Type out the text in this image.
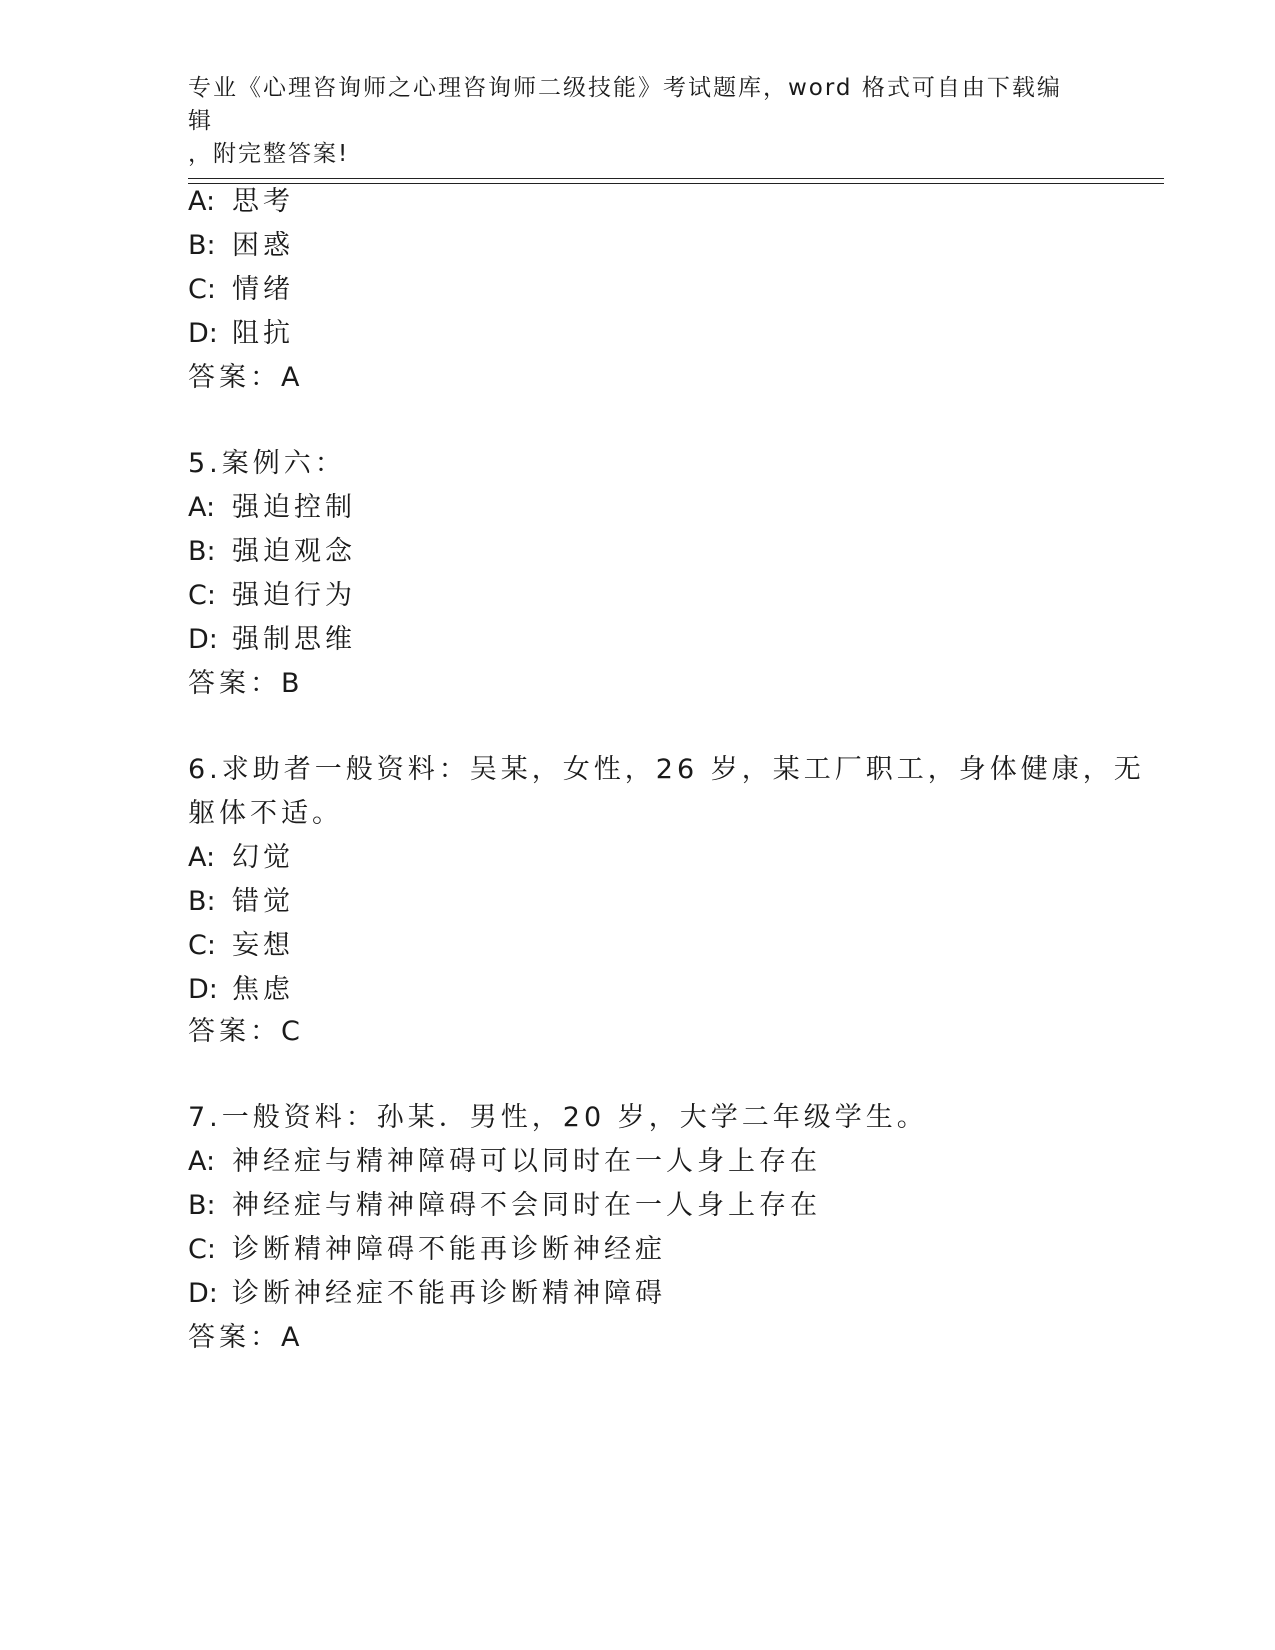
专业《心理咨询师之心理咨询师二级技能》考试题库，word 格式可自由下载编辑
，附完整答案!
A: 思考
B: 困惑
C: 情绪
D: 阻抗
答案：A
5.案例六：
A: 强迫控制
B: 强迫观念
C: 强迫行为
D: 强制思维
答案：B
6.求助者一般资料：吴某，女性，26 岁，某工厂职工，身体健康，无
躯体不适。
A: 幻觉
B: 错觉
C: 妄想
D: 焦虑
答案：C
7.一般资料：孙某．男性，20 岁，大学二年级学生。
A: 神经症与精神障碍可以同时在一人身上存在
B: 神经症与精神障碍不会同时在一人身上存在
C: 诊断精神障碍不能再诊断神经症
D: 诊断神经症不能再诊断精神障碍
答案：A
